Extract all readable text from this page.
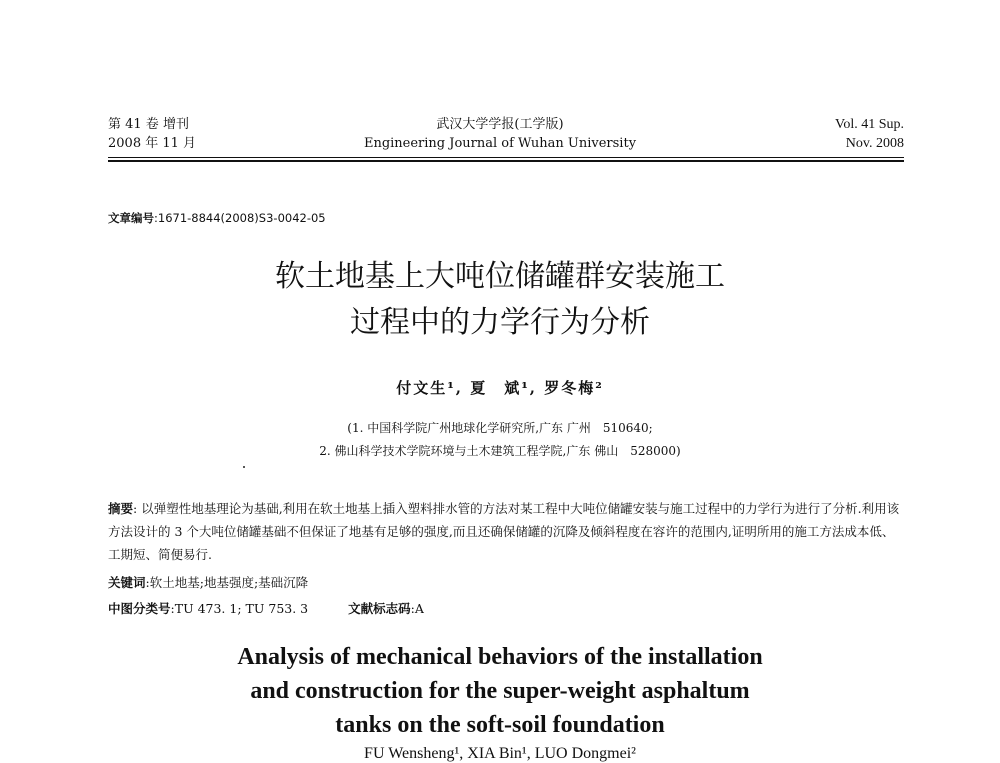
第 41 卷 增刊
2008 年 11 月
武汉大学学报(工学版)
Engineering Journal of Wuhan University
Vol. 41 Sup.
Nov. 2008
文章编号:1671-8844(2008)S3-0042-05
软土地基上大吨位储罐群安装施工
过程中的力学行为分析
付文生¹, 夏　斌¹, 罗冬梅²
(1. 中国科学院广州地球化学研究所,广东 广州　510640;
2. 佛山科学技术学院环境与土木建筑工程学院,广东 佛山　528000)
摘要: 以弹塑性地基理论为基础,利用在软土地基上插入塑料排水管的方法对某工程中大吨位储罐安装与施工过程中的力学行为进行了分析.利用该方法设计的 3 个大吨位储罐基础不但保证了地基有足够的强度,而且还确保储罐的沉降及倾斜程度在容许的范围内,证明所用的施工方法成本低、工期短、简便易行.
关键词:软土地基;地基强度;基础沉降
中图分类号:TU 473. 1; TU 753. 3	文献标志码:A
Analysis of mechanical behaviors of the installation
and construction for the super-weight asphaltum
tanks on the soft-soil foundation
FU Wensheng¹, XIA Bin¹, LUO Dongmei²
